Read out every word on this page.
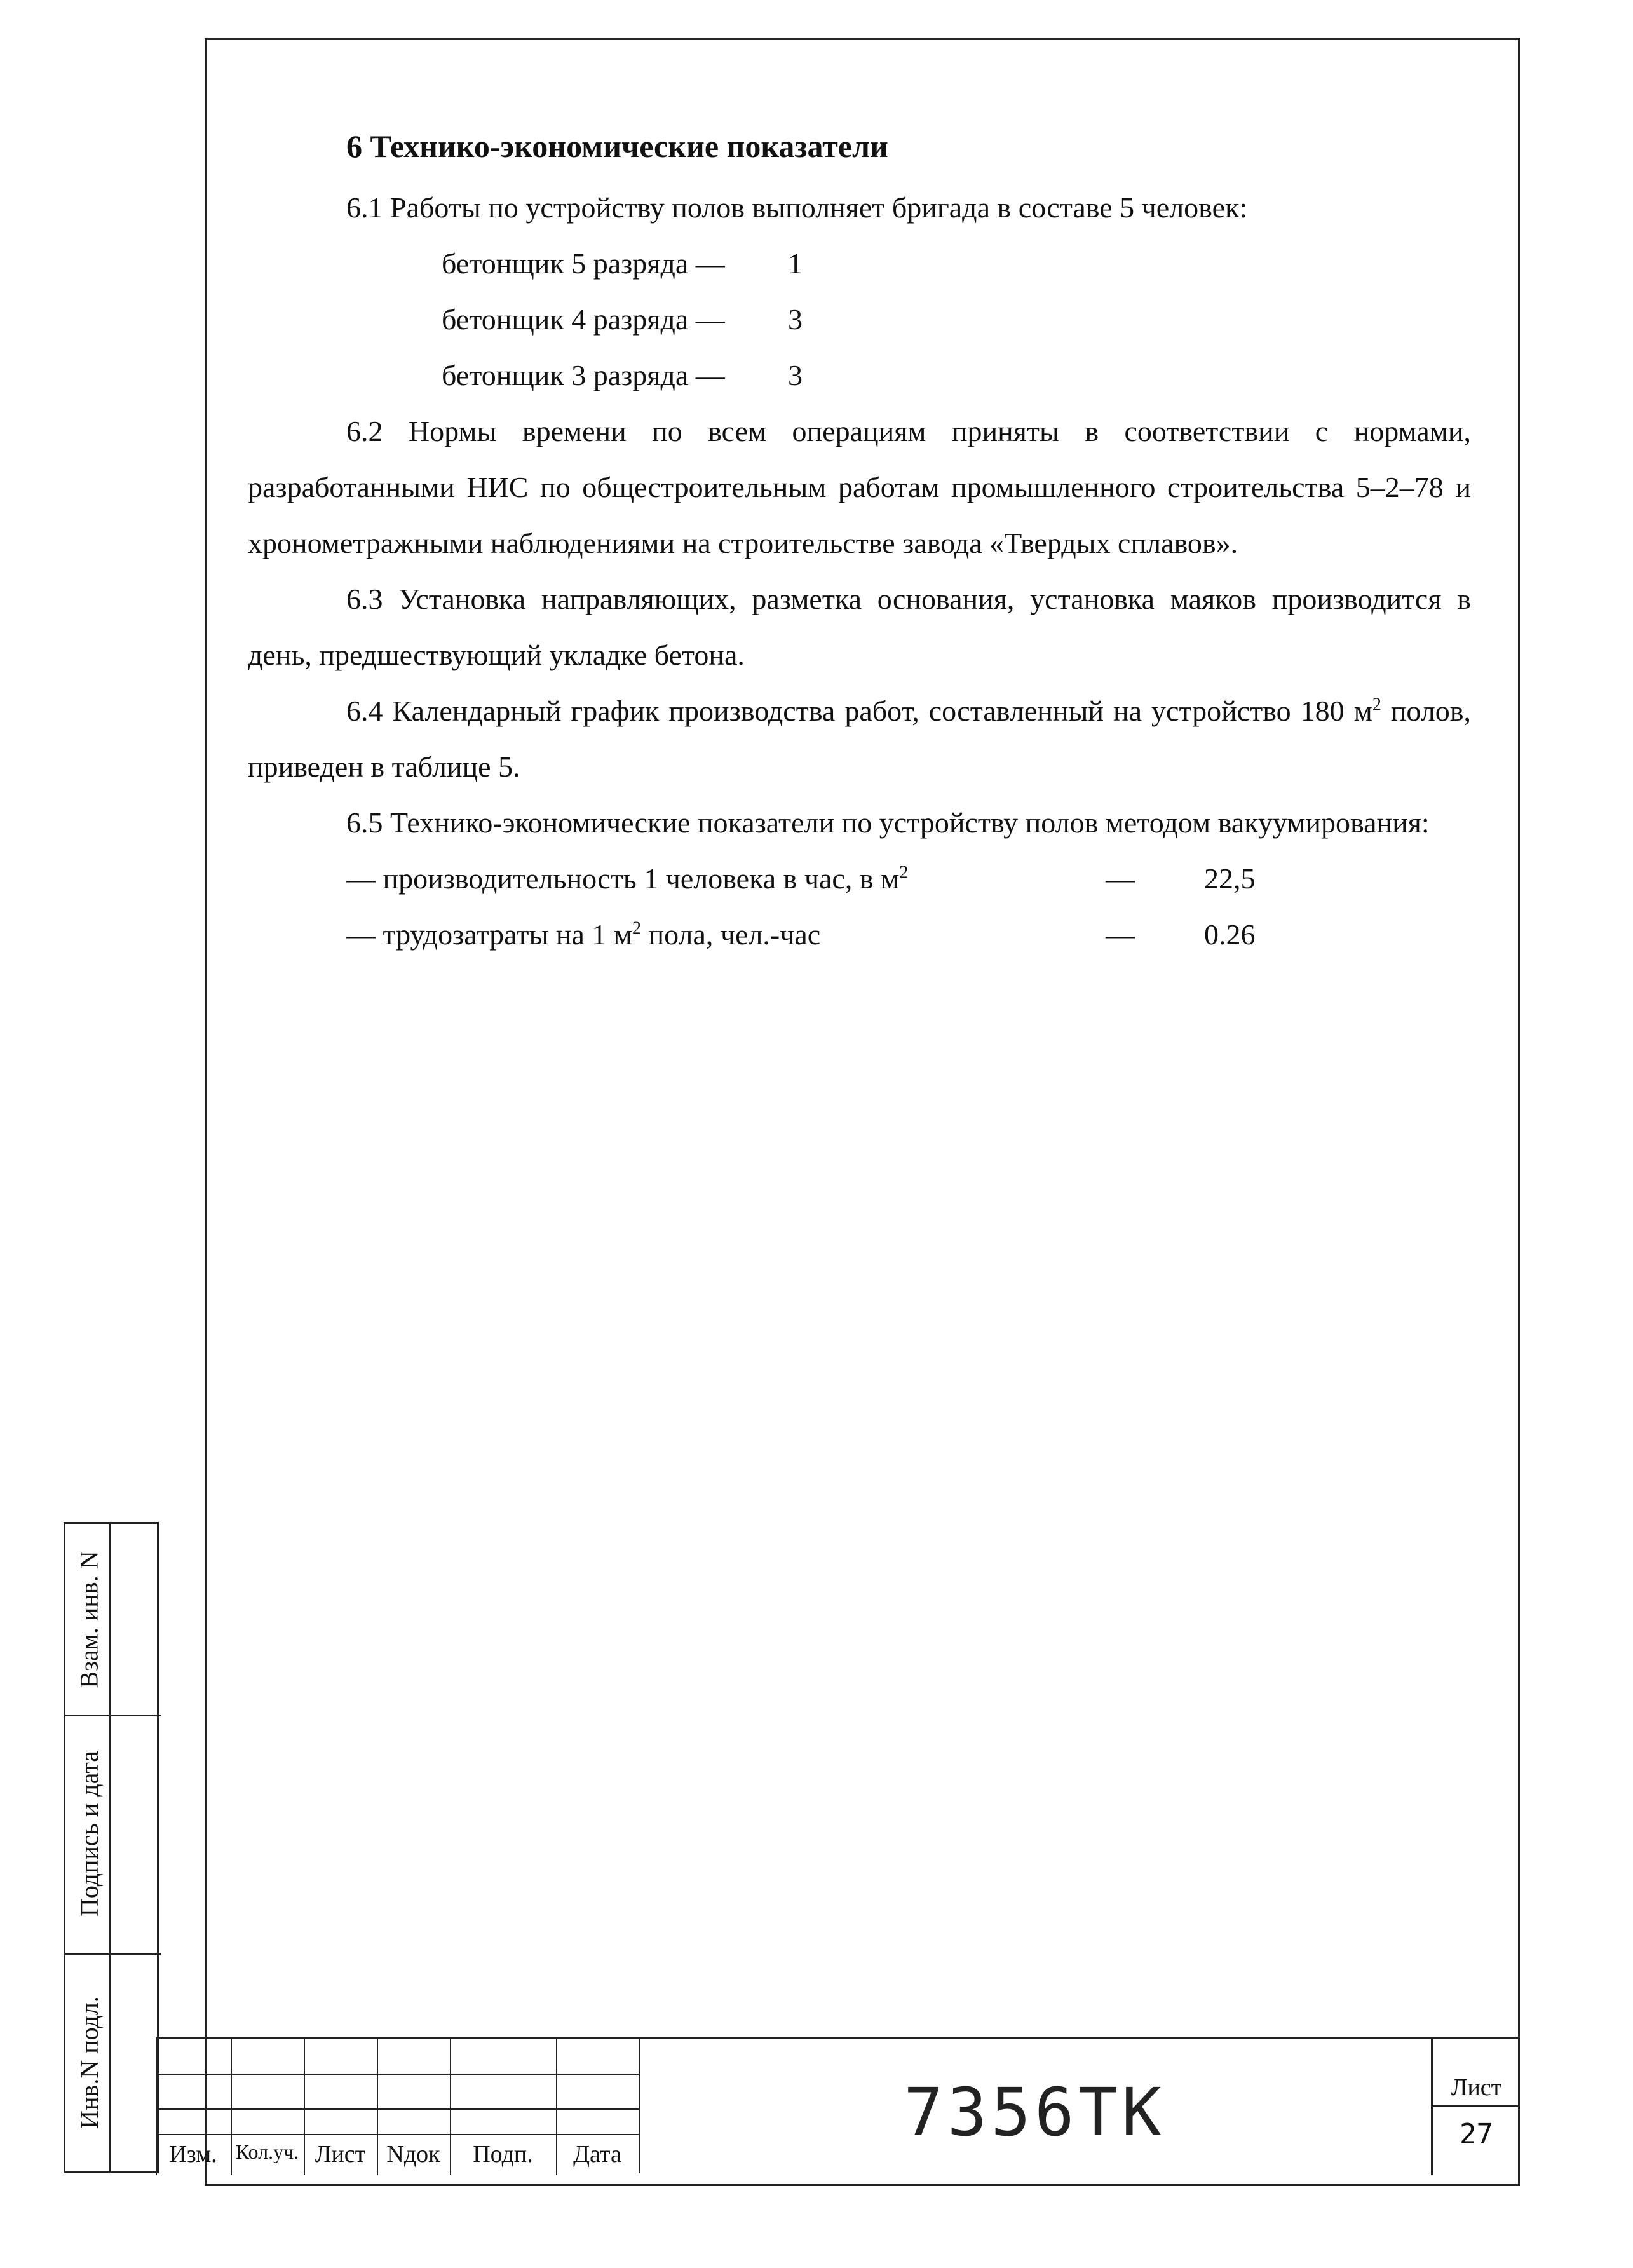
6 Технико-экономические показатели

6.1 Работы по устройству полов выполняет бригада в составе 5 человек:

бетонщик 5 разряда —	1
бетонщик 4 разряда —	3
бетонщик 3 разряда —	3

6.2 Нормы времени по всем операциям приняты в соответствии с нормами, разработанными НИС по общестроительным работам промышленного строительства 5–2–78 и хронометражными наблюдениями на строительстве завода «Твердых сплавов».

6.3 Установка направляющих, разметка основания, установка маяков производится в день, предшествующий укладке бетона.

6.4 Календарный график производства работ, составленный на устройство 180 $м^2$ полов, приведен в таблице 5.

6.5 Технико-экономические показатели по устройству полов методом вакуумирования:

— производительность 1 человека в час, в $м^2$	—	22,5
— трудозатраты на 1 $м^2$ пола, чел.-час	—	0.26
Взам. инв. N
Подпись и дата
Инв.N подл.
Изм. Кол.уч. Лист Nдок	Подп.	Дата
7356ТК	Лист
27
